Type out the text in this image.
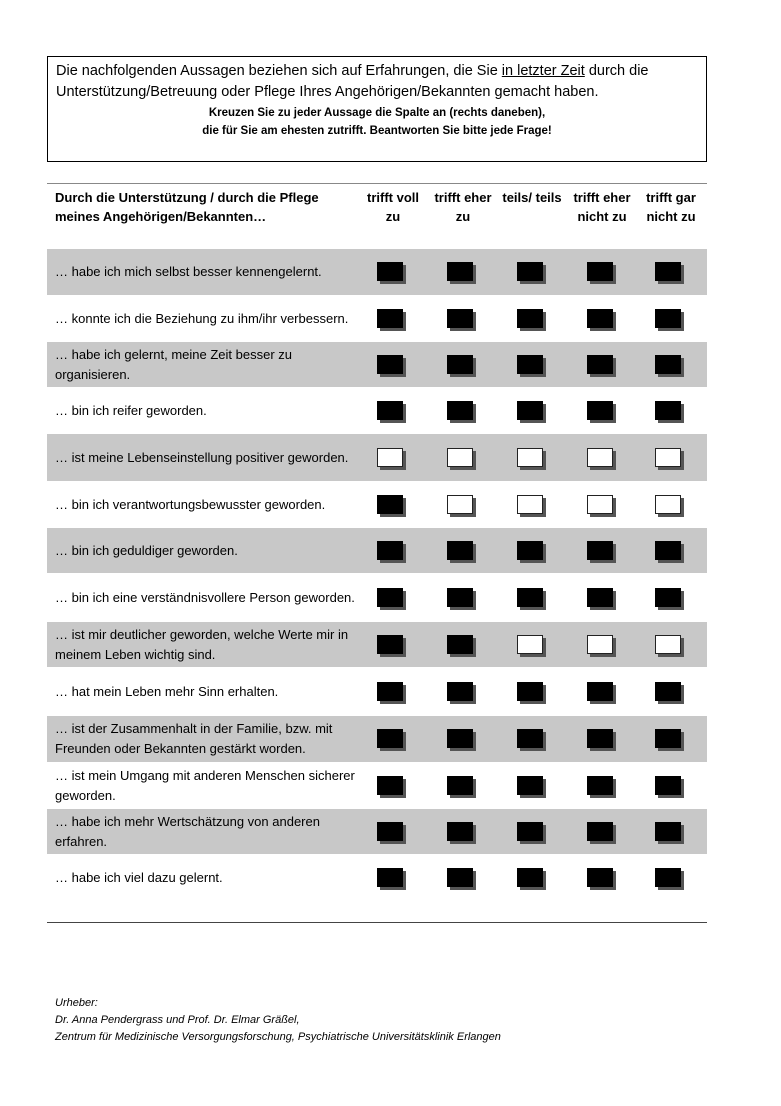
Die nachfolgenden Aussagen beziehen sich auf Erfahrungen, die Sie in letzter Zeit durch die Unterstützung/Betreuung oder Pflege Ihres Angehörigen/Bekannten gemacht haben.
Kreuzen Sie zu jeder Aussage die Spalte an (rechts daneben),
die für Sie am ehesten zutrifft. Beantworten Sie bitte jede Frage!
Durch die Unterstützung / durch die Pflege meines Angehörigen/Bekannten…
trifft voll zu
trifft eher zu
teils/ teils trifft eher nicht zu
trifft gar nicht zu
… habe ich mich selbst besser kennengelernt.
… konnte ich die Beziehung zu ihm/ihr verbessern.
… habe ich gelernt, meine Zeit besser zu organisieren.
… bin ich reifer geworden.
… ist meine Lebenseinstellung positiver geworden.
… bin ich verantwortungsbewusster geworden.
… bin ich geduldiger geworden.
… bin ich eine verständnisvollere Person geworden.
… ist mir deutlicher geworden, welche Werte mir in meinem Leben wichtig sind.
… hat mein Leben mehr Sinn erhalten.
… ist der Zusammenhalt in der Familie, bzw. mit Freunden oder Bekannten gestärkt worden.
… ist mein Umgang mit anderen Menschen sicherer geworden.
… habe ich mehr Wertschätzung von anderen erfahren.
… habe ich viel dazu gelernt.
Urheber:
Dr. Anna Pendergrass und Prof. Dr. Elmar Gräßel,
Zentrum für Medizinische Versorgungsforschung, Psychiatrische Universitätsklinik Erlangen
